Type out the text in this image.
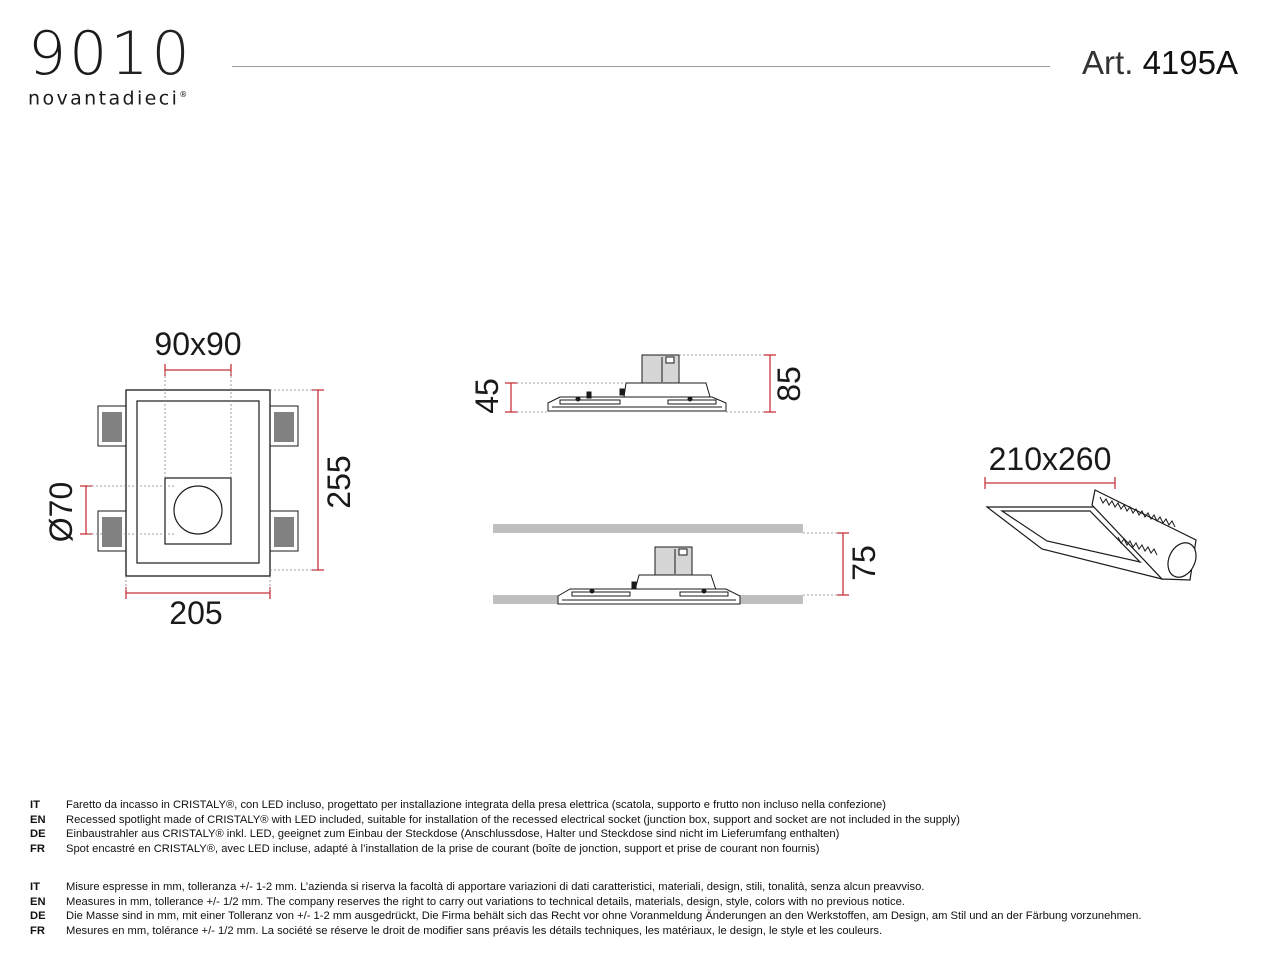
9010
novantadieci®
Art. 4195A
90x90
255
Ø70
205
45	85
75
210x260
IT	Faretto da incasso in CRISTALY®, con LED incluso, progettato per installazione integrata della presa elettrica (scatola, supporto e frutto non incluso nella confezione)
EN	Recessed spotlight made of CRISTALY® with LED included, suitable for installation of the recessed electrical socket (junction box, support and socket are not included in the supply)
DE	Einbaustrahler aus CRISTALY® inkl. LED, geeignet zum Einbau der Steckdose (Anschlussdose, Halter und Steckdose sind nicht im Lieferumfang enthalten)
FR	Spot encastré en CRISTALY®, avec LED incluse, adapté à l’installation de la prise de courant (boîte de jonction, support et prise de courant non fournis)
IT	Misure espresse in mm, tolleranza +/- 1-2 mm. L’azienda si riserva la facoltà di apportare variazioni di dati caratteristici, materiali, design, stili, tonalità, senza alcun preavviso.
EN	Measures in mm, tollerance +/- 1/2 mm. The company reserves the right to carry out variations to technical details, materials, design, style, colors with no previous notice.
DE	Die Masse sind in mm, mit einer Tolleranz von +/- 1-2 mm ausgedrückt, Die Firma behält sich das Recht vor ohne Voranmeldung Änderungen an den Werkstoffen, am Design, am Stil und an der Färbung vorzunehmen.
FR	Mesures en mm, tolérance +/- 1/2 mm. La société se réserve le droit de modifier sans préavis les détails techniques, les matériaux, le design, le style et les couleurs.
